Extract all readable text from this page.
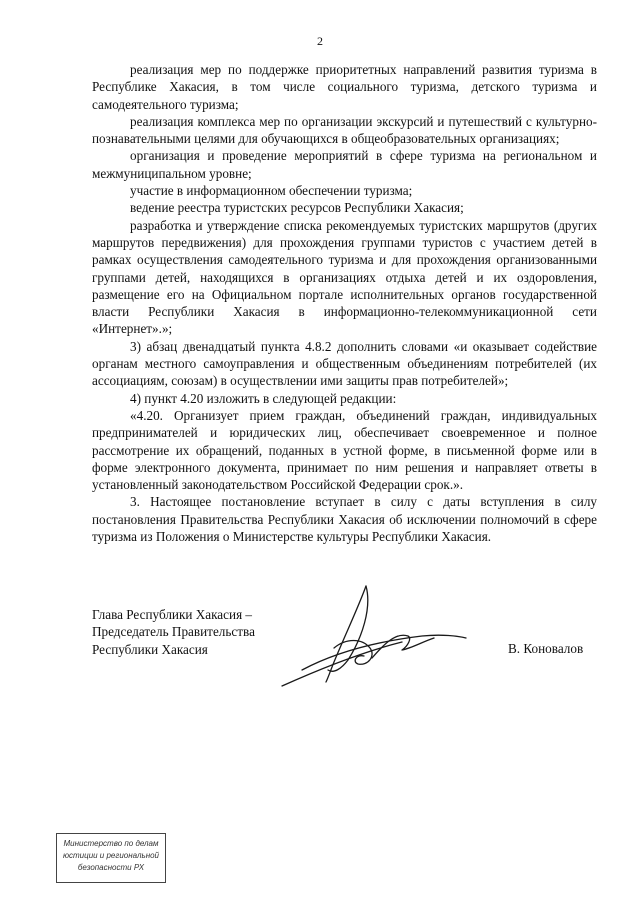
2

реализация мер по поддержке приоритетных направлений развития туризма в Республике Хакасия, в том числе социального туризма, детского туризма и самодеятельного туризма;

реализация комплекса мер по организации экскурсий и путешествий с культурно-познавательными целями для обучающихся в общеобразовательных организациях;

организация и проведение мероприятий в сфере туризма на региональном и межмуниципальном уровне;

участие в информационном обеспечении туризма;

ведение реестра туристских ресурсов Республики Хакасия;

разработка и утверждение списка рекомендуемых туристских маршрутов (других маршрутов передвижения) для прохождения группами туристов с участием детей в рамках осуществления самодеятельного туризма и для прохождения организованными группами детей, находящихся в организациях отдыха детей и их оздоровления, размещение его на Официальном портале исполнительных органов государственной власти Республики Хакасия в информационно-телекоммуникационной сети «Интернет».»;

3) абзац двенадцатый пункта 4.8.2 дополнить словами «и оказывает содействие органам местного самоуправления и общественным объединениям потребителей (их ассоциациям, союзам) в осуществлении ими защиты прав потребителей»;

4) пункт 4.20 изложить в следующей редакции:

«4.20. Организует прием граждан, объединений граждан, индивидуальных предпринимателей и юридических лиц, обеспечивает своевременное и полное рассмотрение их обращений, поданных в устной форме, в письменной форме или в форме электронного документа, принимает по ним решения и направляет ответы в установленный законодательством Российской Федерации срок.».

3. Настоящее постановление вступает в силу с даты вступления в силу постановления Правительства Республики Хакасия об исключении полномочий в сфере туризма из Положения о Министерстве культуры Республики Хакасия.

Глава Республики Хакасия –
Председатель Правительства
Республики Хакасия	В. Коновалов
Министерство по делам
юстиции и региональной
безопасности РХ
